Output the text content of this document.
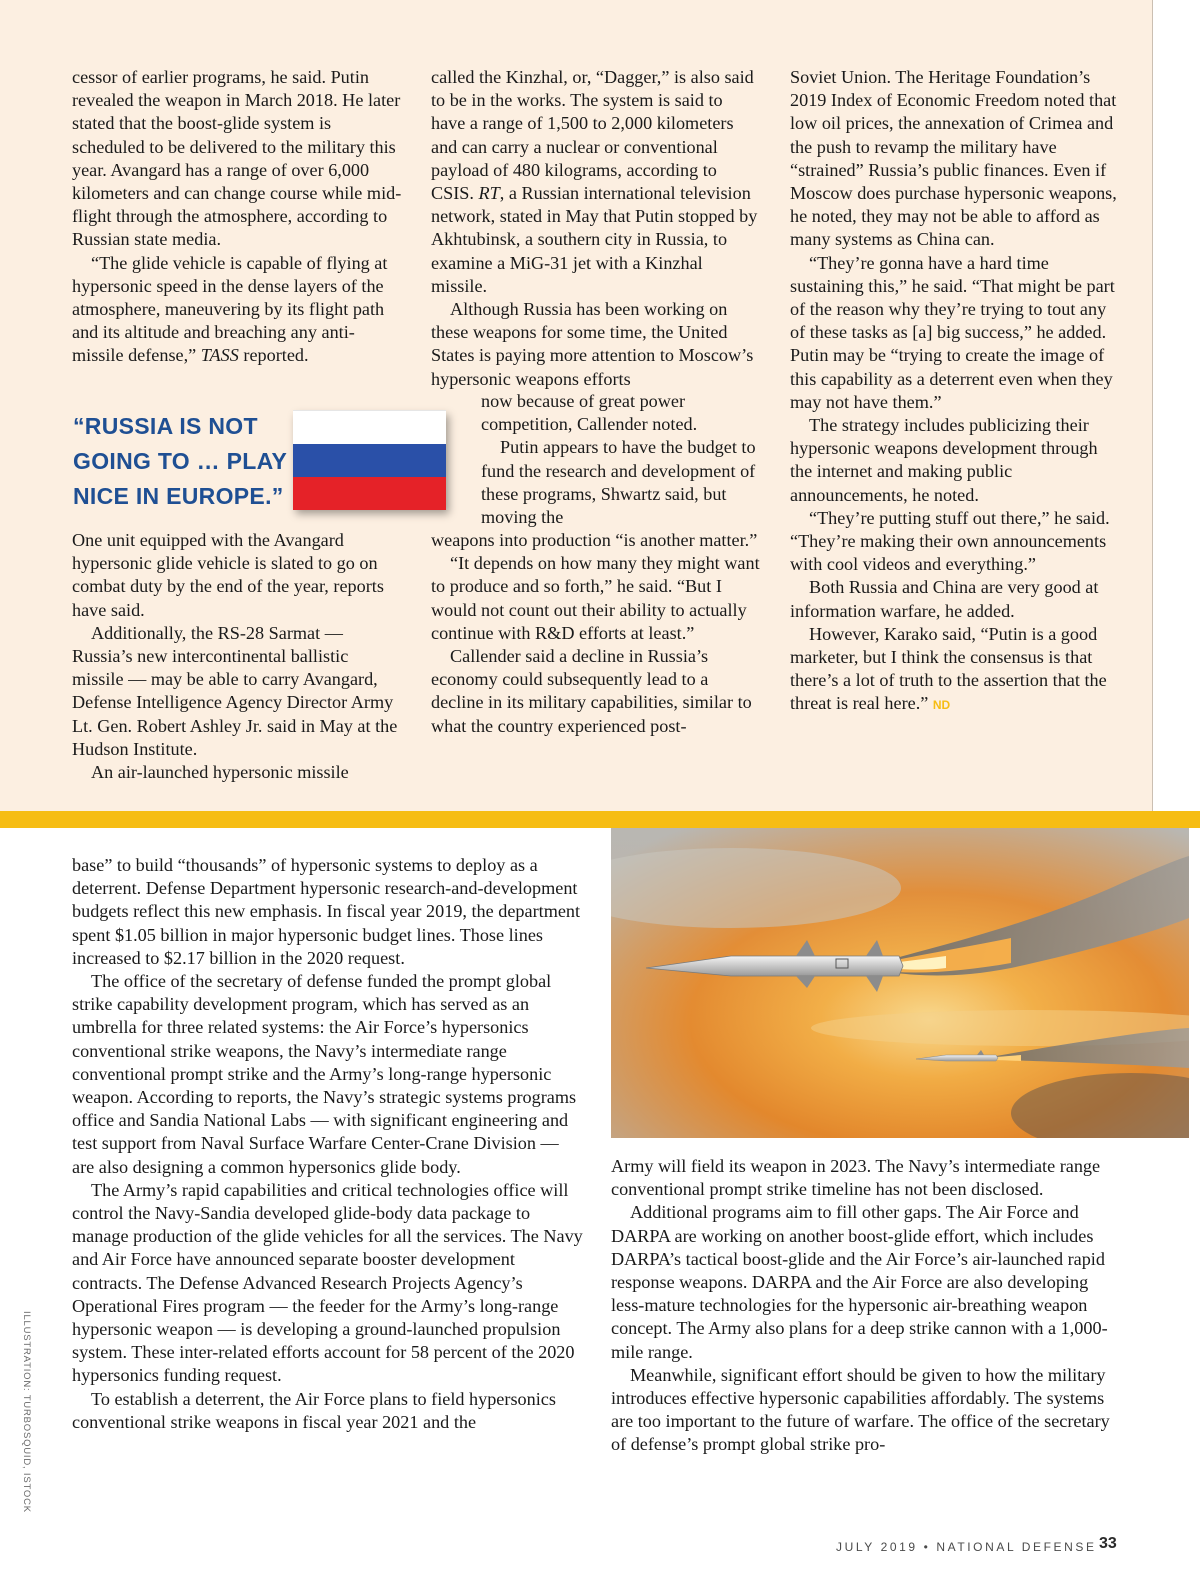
cessor of earlier programs, he said. Putin revealed the weapon in March 2018. He later stated that the boost-glide system is scheduled to be delivered to the military this year. Avangard has a range of over 6,000 kilometers and can change course while mid-flight through the atmosphere, according to Russian state media.

“The glide vehicle is capable of flying at hypersonic speed in the dense layers of the atmosphere, maneuvering by its flight path and its altitude and breaching any anti-missile defense,” TASS reported.

“RUSSIA IS NOT GOING TO … PLAY NICE IN EUROPE.”

One unit equipped with the Avangard hypersonic glide vehicle is slated to go on combat duty by the end of the year, reports have said.

Additionally, the RS-28 Sarmat — Russia’s new intercontinental ballistic missile — may be able to carry Avangard, Defense Intelligence Agency Director Army Lt. Gen. Robert Ashley Jr. said in May at the Hudson Institute.

An air-launched hypersonic missile

called the Kinzhal, or, “Dagger,” is also said to be in the works. The system is said to have a range of 1,500 to 2,000 kilometers and can carry a nuclear or conventional payload of 480 kilograms, according to CSIS. RT, a Russian international television network, stated in May that Putin stopped by Akhtubinsk, a southern city in Russia, to examine a MiG-31 jet with a Kinzhal missile.

Although Russia has been working on these weapons for some time, the United States is paying more attention to Moscow’s hypersonic weapons efforts

now because of great power competition, Callender noted.

Putin appears to have the budget to fund the research and development of these programs, Shwartz said, but moving the

weapons into production “is another matter.”

“It depends on how many they might want to produce and so forth,” he said. “But I would not count out their ability to actually continue with R&D efforts at least.”

Callender said a decline in Russia’s economy could subsequently lead to a decline in its military capabilities, similar to what the country experienced post-

Soviet Union. The Heritage Foundation’s 2019 Index of Economic Freedom noted that low oil prices, the annexation of Crimea and the push to revamp the military have “strained” Russia’s public finances. Even if Moscow does purchase hypersonic weapons, he noted, they may not be able to afford as many systems as China can.

“They’re gonna have a hard time sustaining this,” he said. “That might be part of the reason why they’re trying to tout any of these tasks as [a] big success,” he added. Putin may be “trying to create the image of this capability as a deterrent even when they may not have them.”

The strategy includes publicizing their hypersonic weapons development through the internet and making public announcements, he noted.

“They’re putting stuff out there,” he said. “They’re making their own announcements with cool videos and everything.”

Both Russia and China are very good at information warfare, he added.

However, Karako said, “Putin is a good marketer, but I think the consensus is that there’s a lot of truth to the assertion that the threat is real here.” ND

base” to build “thousands” of hypersonic systems to deploy as a deterrent. Defense Department hypersonic research-and-development budgets reflect this new emphasis. In fiscal year 2019, the department spent $1.05 billion in major hypersonic budget lines. Those lines increased to $2.17 billion in the 2020 request.

The office of the secretary of defense funded the prompt global strike capability development program, which has served as an umbrella for three related systems: the Air Force’s hypersonics conventional strike weapons, the Navy’s intermediate range conventional prompt strike and the Army’s long-range hypersonic weapon. According to reports, the Navy’s strategic systems programs office and Sandia National Labs — with significant engineering and test support from Naval Surface Warfare Center-Crane Division — are also designing a common hypersonics glide body.

The Army’s rapid capabilities and critical technologies office will control the Navy-Sandia developed glide-body data package to manage production of the glide vehicles for all the services. The Navy and Air Force have announced separate booster development contracts. The Defense Advanced Research Projects Agency’s Operational Fires program — the feeder for the Army’s long-range hypersonic weapon — is developing a ground-launched propulsion system. These inter-related efforts account for 58 percent of the 2020 hypersonics funding request.

To establish a deterrent, the Air Force plans to field hypersonics conventional strike weapons in fiscal year 2021 and the

Army will field its weapon in 2023. The Navy’s intermediate range conventional prompt strike timeline has not been disclosed.

Additional programs aim to fill other gaps. The Air Force and DARPA are working on another boost-glide effort, which includes DARPA’s tactical boost-glide and the Air Force’s air-launched rapid response weapons. DARPA and the Air Force are also developing less-mature technologies for the hypersonic air-breathing weapon concept. The Army also plans for a deep strike cannon with a 1,000-mile range.

Meanwhile, significant effort should be given to how the military introduces effective hypersonic capabilities affordably. The systems are too important to the future of warfare. The office of the secretary of defense’s prompt global strike pro-

ILLUSTRATION: TURBOSQUID, ISTOCK
JULY 2019 • NATIONAL DEFENSE 33
